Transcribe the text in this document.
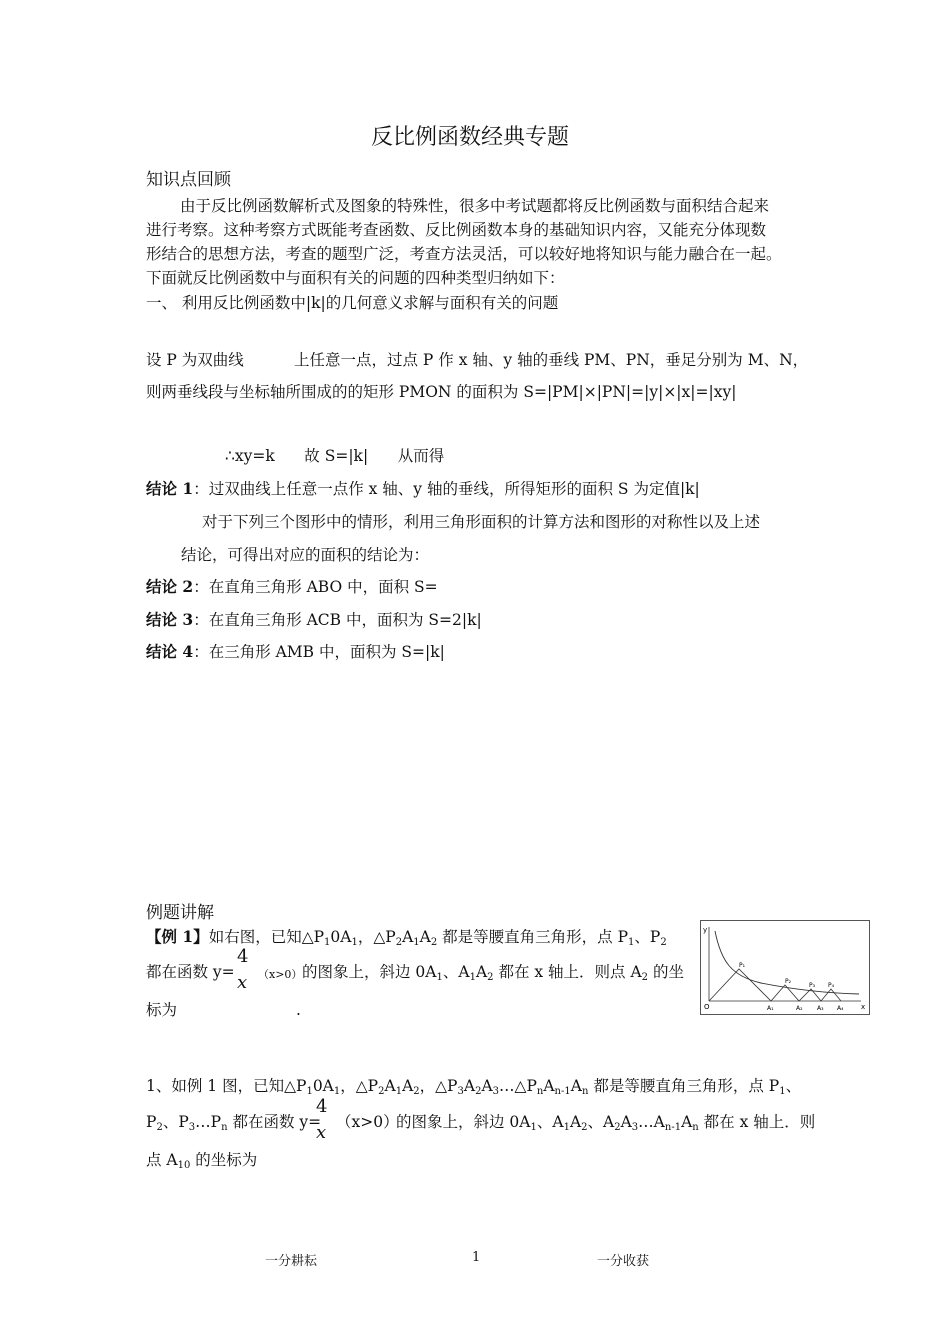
反比例函数经典专题
知识点回顾
由于反比例函数解析式及图象的特殊性，很多中考试题都将反比例函数与面积结合起来
进行考察。这种考察方式既能考查函数、反比例函数本身的基础知识内容，又能充分体现数
形结合的思想方法，考查的题型广泛，考查方法灵活，可以较好地将知识与能力融合在一起。
下面就反比例函数中与面积有关的问题的四种类型归纳如下：
一、 利用反比例函数中|k|的几何意义求解与面积有关的问题
设 P 为双曲线	上任意一点，过点 P 作 x 轴、y 轴的垂线 PM、PN，垂足分别为 M、N，
则两垂线段与坐标轴所围成的的矩形 PMON 的面积为 S=|PM|×|PN|=|y|×|x|=|xy|
∴xy=k      故 S=|k|      从而得
结论 1：过双曲线上任意一点作 x 轴、y 轴的垂线，所得矩形的面积 S 为定值|k|
对于下列三个图形中的情形，利用三角形面积的计算方法和图形的对称性以及上述
结论，可得出对应的面积的结论为：
结论 2：在直角三角形 ABO 中，面积 S=
结论 3：在直角三角形 ACB 中，面积为 S=2|k|
结论 4：在三角形 AMB 中，面积为 S=|k|
例题讲解
【例 1】如右图，已知$\triangle P_10A_1$，$\triangle P_2A_1A_2$ 都是等腰直角三角形，点 $P_1$、$P_2$
都在函数 y=
4
x （x>0） 的图象上，斜边 $0A_1$、$A_1A_2$ 都在 x 轴上．则点 $A_2$ 的坐
标为	.
y
O	x
P₁
P₂
P₃ P₄
A₁	A₂ A₃ A₄
1、如例 1 图，已知$\triangle P_10A_1$，$\triangle P_2A_1A_2$，$\triangle P_3A_2A_3\dots\triangle P_nA_{n-1}A_n$ 都是等腰直角三角形，点 $P_1$、
$P_2$、$P_3\dots P_n$ 都在函数 y=
4
x （x>0）
的图象上，斜边 $0A_1$、$A_1A_2$、$A_2A_3\dots A_{n-1}A_n$ 都在 x 轴上．则
点 $A_{10}$ 的坐标为
一分耕耘	1	一分收获
